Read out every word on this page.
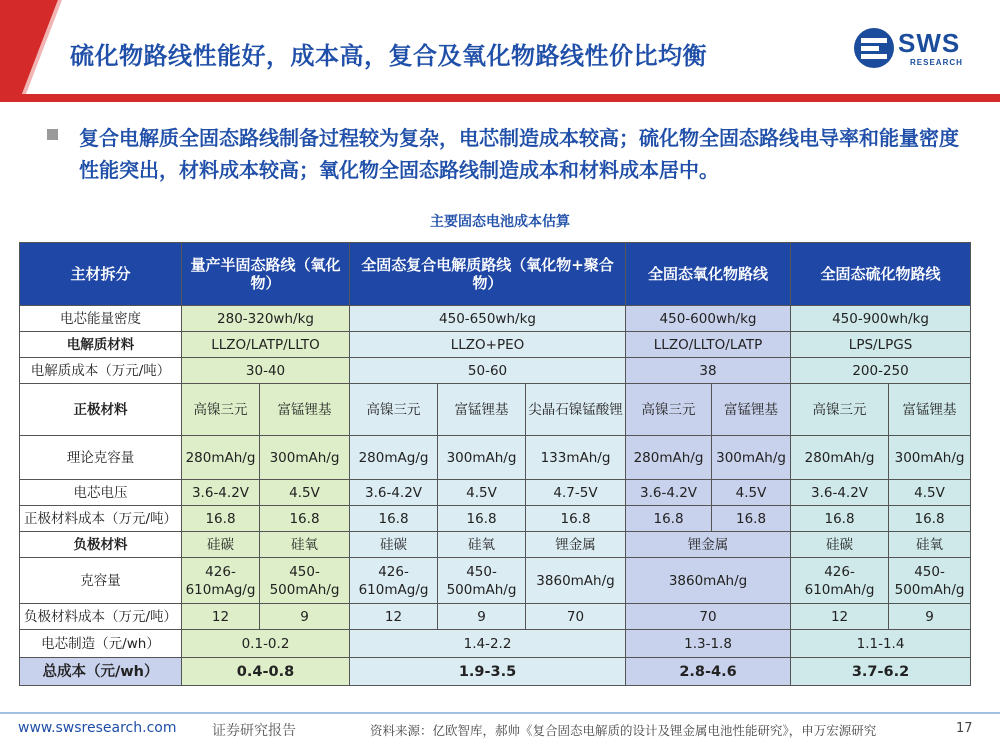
硫化物路线性能好，成本高，复合及氧化物路线性价比均衡	SWS
RESEARCH
复合电解质全固态路线制备过程较为复杂，电芯制造成本较高；硫化物全固态路线电导率和能量密度性能突出，材料成本较高；氧化物全固态路线制造成本和材料成本居中。
主要固态电池成本估算
主材拆分	量产半固态路线（氧化物）		全固态复合电解质路线（氧化物+聚合物）			全固态氧化物路线		全固态硫化物路线	
电芯能量密度	280-320wh/kg		450-650wh/kg			450-600wh/kg		450-900wh/kg	
电解质材料	LLZO/LATP/LLTO		LLZO+PEO			LLZO/LLTO/LATP		LPS/LPGS	
电解质成本（万元/吨）	30-40		50-60			38		200-250	
正极材料	高镍三元	富锰锂基	高镍三元	富锰锂基	尖晶石镍锰酸锂	高镍三元	富锰锂基	高镍三元	富锰锂基
理论克容量	280mAh/g	300mAh/g	280mAg/g	300mAh/g	133mAh/g	280mAh/g	300mAh/g	280mAh/g	300mAh/g
电芯电压	3.6-4.2V	4.5V	3.6-4.2V	4.5V	4.7-5V	3.6-4.2V	4.5V	3.6-4.2V	4.5V
正极材料成本（万元/吨）	16.8	16.8	16.8	16.8	16.8	16.8	16.8	16.8	16.8
负极材料	硅碳	硅氧	硅碳	硅氧	锂金属	锂金属		硅碳	硅氧
克容量	426-610mAg/g	450-500mAh/g	426-610mAg/g	450-500mAh/g	3860mAh/g	3860mAh/g		426-610mAh/g	450-500mAh/g
负极材料成本（万元/吨）	12	9	12	9	70	70		12	9
电芯制造（元/wh）	0.1-0.2		1.4-2.2			1.3-1.8		1.1-1.4	
总成本（元/wh）	0.4-0.8		1.9-3.5			2.8-4.6		3.7-6.2	
www.swsresearch.com	证券研究报告	资料来源：亿欧智库，郝帅《复合固态电解质的设计及锂金属电池性能研究》，申万宏源研究	17
